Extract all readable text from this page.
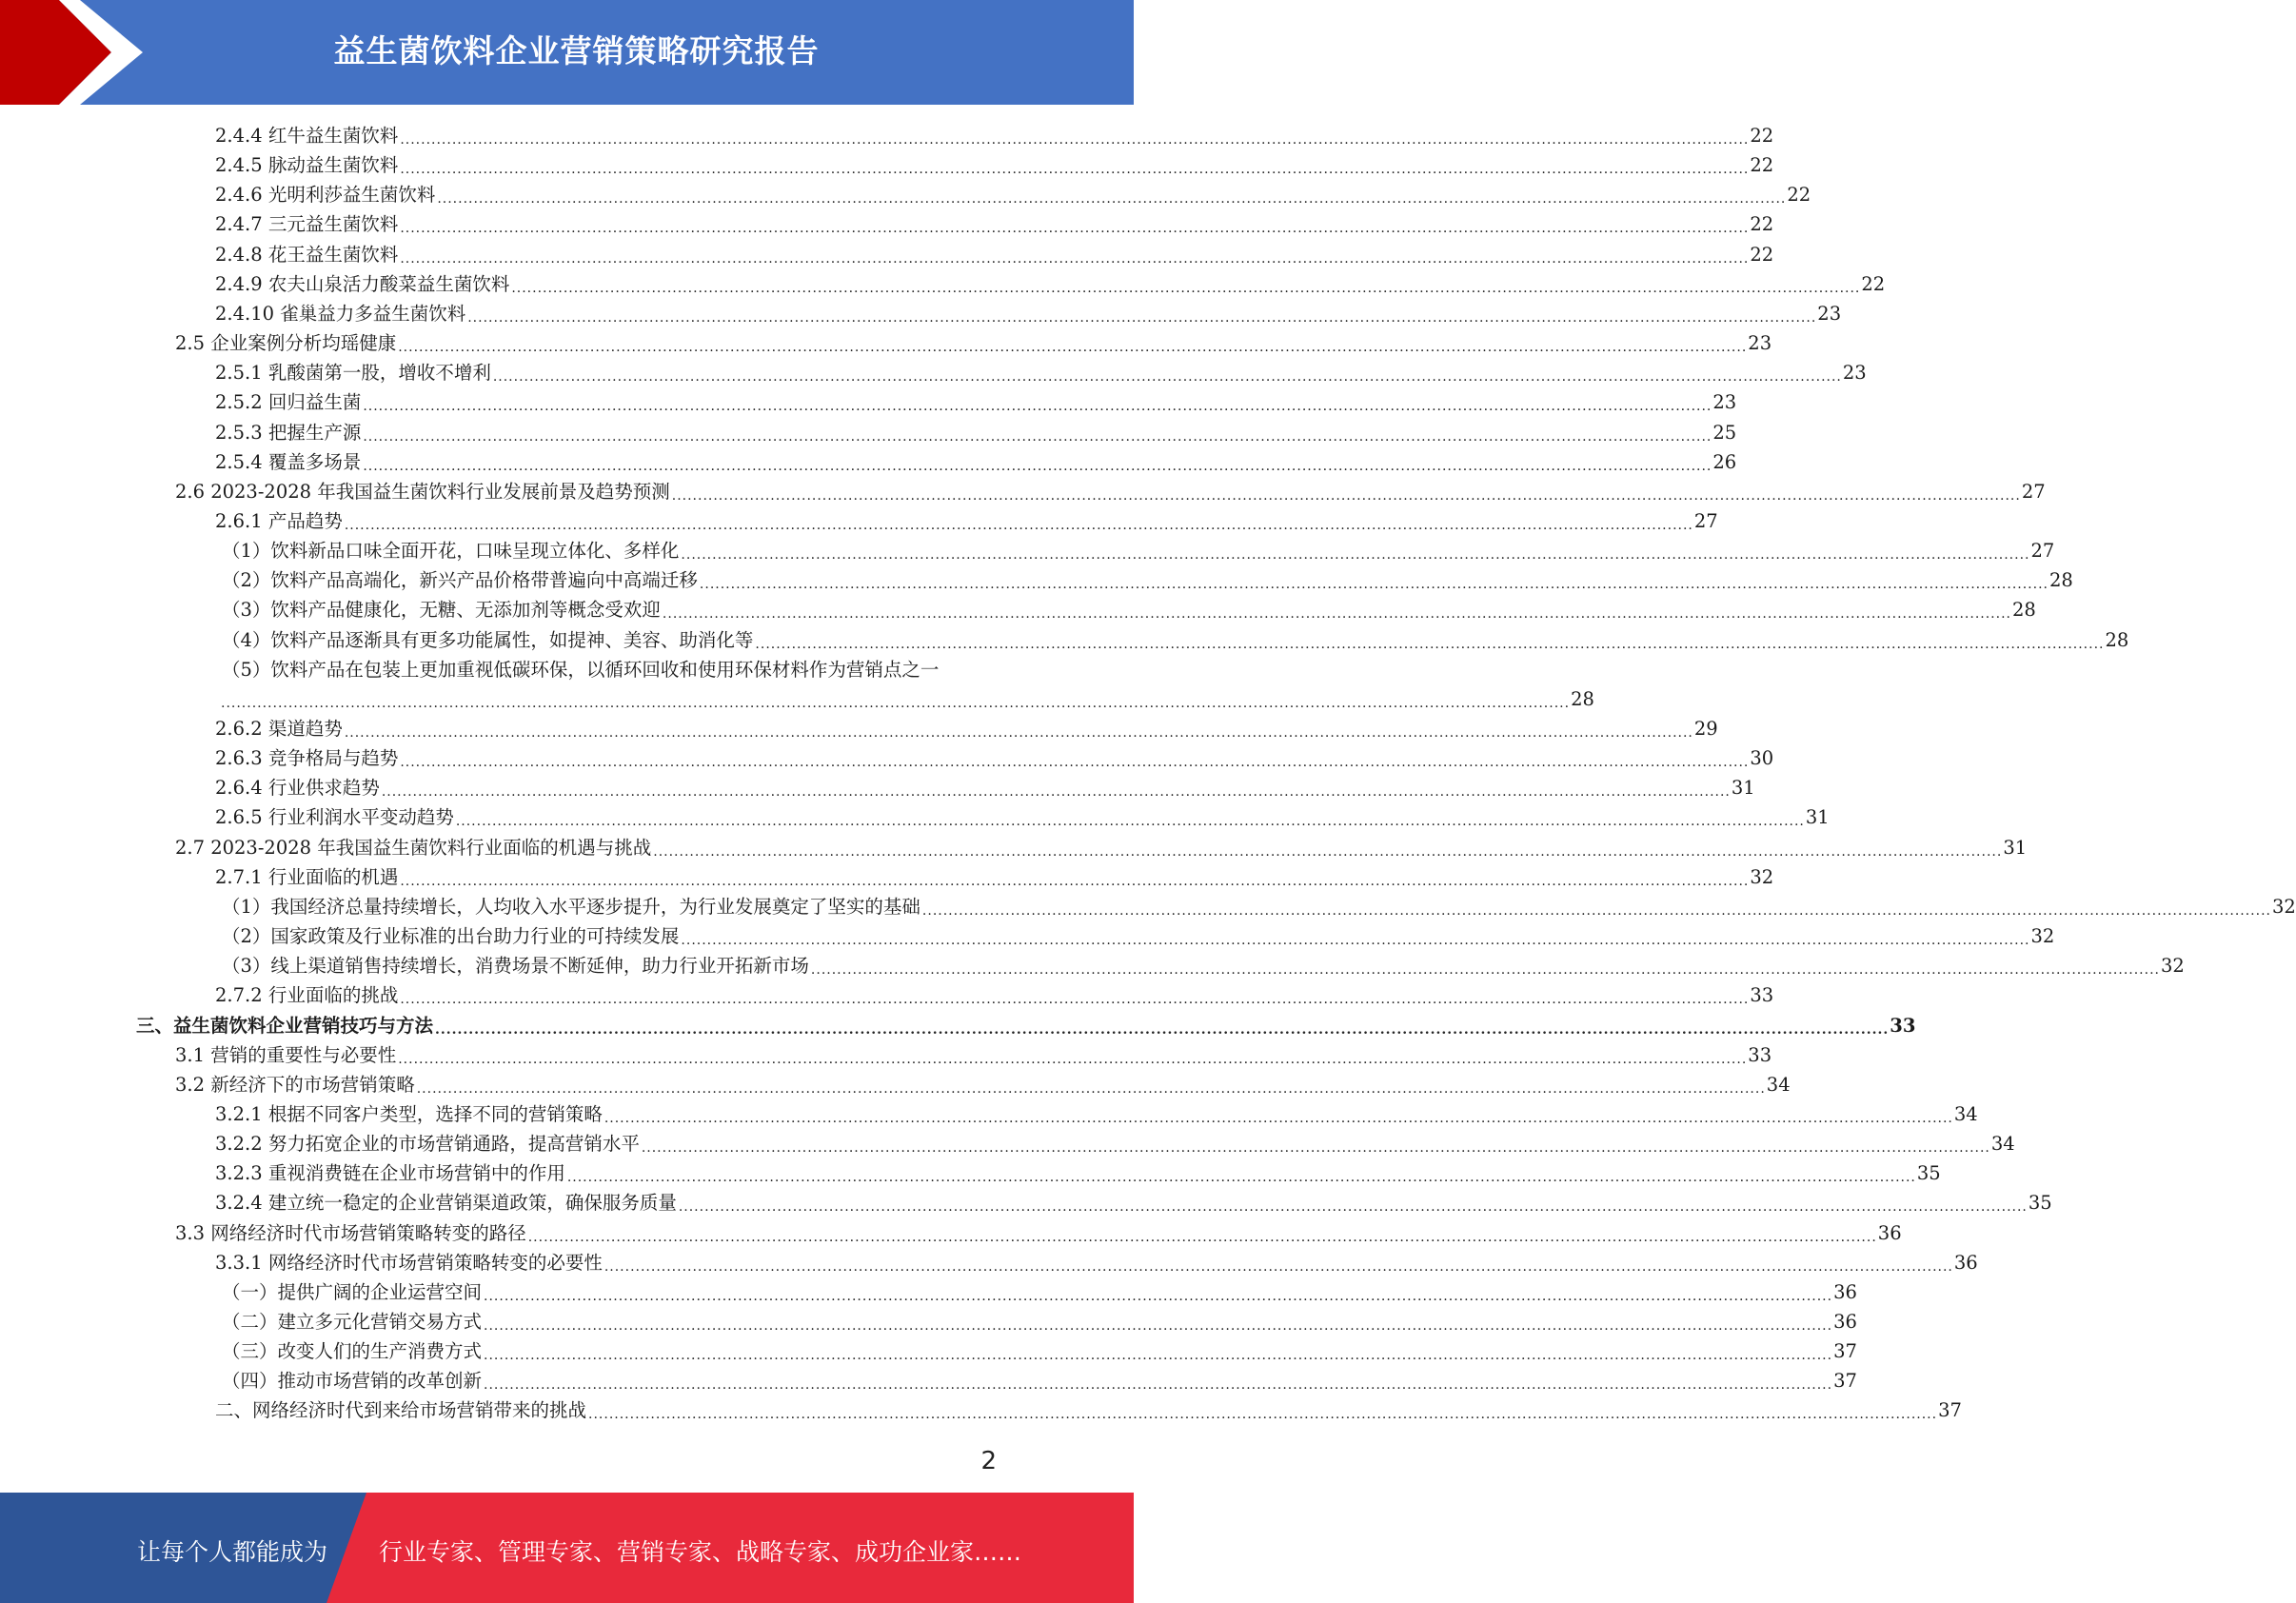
益生菌饮料企业营销策略研究报告
2.4.4 红牛益生菌饮料 .................................................................................................................................................................................................................................................................... 22
2.4.5 脉动益生菌饮料 .................................................................................................................................................................................................................................................................... 22
2.4.6 光明利莎益生菌饮料 .................................................................................................................................................................................................................................................................... 22
2.4.7 三元益生菌饮料 .................................................................................................................................................................................................................................................................... 22
2.4.8 花王益生菌饮料 .................................................................................................................................................................................................................................................................... 22
2.4.9 农夫山泉活力酸菜益生菌饮料 .................................................................................................................................................................................................................................................................... 22
2.4.10 雀巢益力多益生菌饮料 .................................................................................................................................................................................................................................................................... 23
2.5 企业案例分析均瑶健康 .................................................................................................................................................................................................................................................................... 23
2.5.1 乳酸菌第一股，增收不增利 .................................................................................................................................................................................................................................................................... 23
2.5.2 回归益生菌 .................................................................................................................................................................................................................................................................... 23
2.5.3 把握生产源 .................................................................................................................................................................................................................................................................... 25
2.5.4 覆盖多场景 .................................................................................................................................................................................................................................................................... 26
2.6 2023-2028 年我国益生菌饮料行业发展前景及趋势预测 .................................................................................................................................................................................................................................................................... 27
2.6.1 产品趋势 .................................................................................................................................................................................................................................................................... 27
（1）饮料新品口味全面开花，口味呈现立体化、多样化 .................................................................................................................................................................................................................................................................... 27
（2）饮料产品高端化，新兴产品价格带普遍向中高端迁移 .................................................................................................................................................................................................................................................................... 28
（3）饮料产品健康化，无糖、无添加剂等概念受欢迎 .................................................................................................................................................................................................................................................................... 28
（4）饮料产品逐渐具有更多功能属性，如提神、美容、助消化等 .................................................................................................................................................................................................................................................................... 28
（5）饮料产品在包装上更加重视低碳环保，以循环回收和使用环保材料作为营销点之一
.................................................................................................................................................................................................................................................................... 28
2.6.2 渠道趋势 .................................................................................................................................................................................................................................................................... 29
2.6.3 竞争格局与趋势 .................................................................................................................................................................................................................................................................... 30
2.6.4 行业供求趋势 .................................................................................................................................................................................................................................................................... 31
2.6.5 行业利润水平变动趋势 .................................................................................................................................................................................................................................................................... 31
2.7 2023-2028 年我国益生菌饮料行业面临的机遇与挑战 .................................................................................................................................................................................................................................................................... 31
2.7.1 行业面临的机遇 .................................................................................................................................................................................................................................................................... 32
（1）我国经济总量持续增长，人均收入水平逐步提升，为行业发展奠定了坚实的基础 .................................................................................................................................................................................................................................................................... 32
（2）国家政策及行业标准的出台助力行业的可持续发展 .................................................................................................................................................................................................................................................................... 32
（3）线上渠道销售持续增长，消费场景不断延伸，助力行业开拓新市场 .................................................................................................................................................................................................................................................................... 32
2.7.2 行业面临的挑战 .................................................................................................................................................................................................................................................................... 33
三、益生菌饮料企业营销技巧与方法 .................................................................................................................................................................................................................................................................... 33
3.1 营销的重要性与必要性 .................................................................................................................................................................................................................................................................... 33
3.2 新经济下的市场营销策略 .................................................................................................................................................................................................................................................................... 34
3.2.1 根据不同客户类型，选择不同的营销策略 .................................................................................................................................................................................................................................................................... 34
3.2.2 努力拓宽企业的市场营销通路，提高营销水平 .................................................................................................................................................................................................................................................................... 34
3.2.3 重视消费链在企业市场营销中的作用 .................................................................................................................................................................................................................................................................... 35
3.2.4 建立统一稳定的企业营销渠道政策，确保服务质量 .................................................................................................................................................................................................................................................................... 35
3.3 网络经济时代市场营销策略转变的路径 .................................................................................................................................................................................................................................................................... 36
3.3.1 网络经济时代市场营销策略转变的必要性 .................................................................................................................................................................................................................................................................... 36
（一）提供广阔的企业运营空间 .................................................................................................................................................................................................................................................................... 36
（二）建立多元化营销交易方式 .................................................................................................................................................................................................................................................................... 36
（三）改变人们的生产消费方式 .................................................................................................................................................................................................................................................................... 37
（四）推动市场营销的改革创新 .................................................................................................................................................................................................................................................................... 37
二、网络经济时代到来给市场营销带来的挑战 .................................................................................................................................................................................................................................................................... 37
2
让每个人都能成为 行业专家、管理专家、营销专家、战略专家、成功企业家……
